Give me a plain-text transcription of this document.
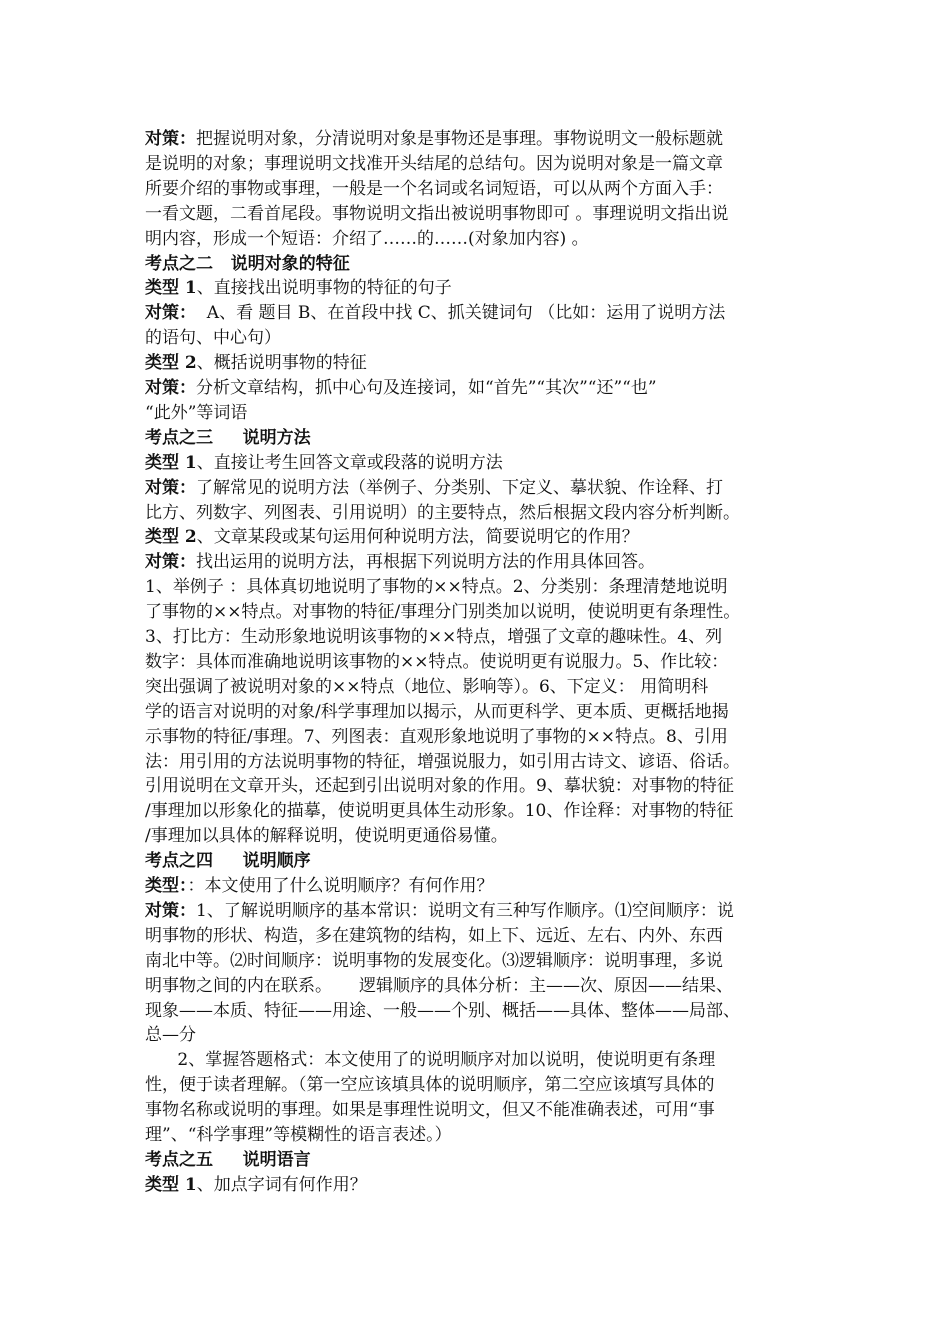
对策：把握说明对象，分清说明对象是事物还是事理。事物说明文一般标题就
是说明的对象；事理说明文找准开头结尾的总结句。因为说明对象是一篇文章
所要介绍的事物或事理，一般是一个名词或名词短语，可以从两个方面入手：
一看文题，二看首尾段。事物说明文指出被说明事物即可 。事理说明文指出说
明内容，形成一个短语：介绍了……的……(对象加内容) 。
考点之二   说明对象的特征
类型 1、直接找出说明事物的特征的句子
对策：  A、看 题目 B、在首段中找 C、抓关键词句 （比如：运用了说明方法
的语句、中心句）
类型 2、概括说明事物的特征
对策：分析文章结构，抓中心句及连接词，如“首先”“其次”“还”“也”
“此外”等词语
考点之三     说明方法
类型 1、直接让考生回答文章或段落的说明方法
对策：了解常见的说明方法（举例子、分类别、下定义、摹状貌、作诠释、打
比方、列数字、列图表、引用说明）的主要特点，然后根据文段内容分析判断。
类型 2、文章某段或某句运用何种说明方法，简要说明它的作用？
对策：找出运用的说明方法，再根据下列说明方法的作用具体回答。
1、举例子 ：具体真切地说明了事物的××特点。2、分类别：条理清楚地说明
了事物的××特点。对事物的特征/事理分门别类加以说明，使说明更有条理性。
3、打比方：生动形象地说明该事物的××特点，增强了文章的趣味性。4、列
数字：具体而准确地说明该事物的××特点。使说明更有说服力。5、作比较：
突出强调了被说明对象的××特点（地位、影响等）。6、下定义： 用简明科
学的语言对说明的对象/科学事理加以揭示，从而更科学、更本质、更概括地揭
示事物的特征/事理。7、列图表：直观形象地说明了事物的××特点。8、引用
法：用引用的方法说明事物的特征，增强说服力，如引用古诗文、谚语、俗话。
引用说明在文章开头，还起到引出说明对象的作用。9、摹状貌：对事物的特征
/事理加以形象化的描摹，使说明更具体生动形象。10、作诠释：对事物的特征
/事理加以具体的解释说明，使说明更通俗易懂。
考点之四     说明顺序
类型：：本文使用了什么说明顺序？有何作用？
对策：1、了解说明顺序的基本常识：说明文有三种写作顺序。⑴空间顺序：说
明事物的形状、构造，多在建筑物的结构，如上下、远近、左右、内外、东西
南北中等。⑵时间顺序：说明事物的发展变化。⑶逻辑顺序：说明事理，多说
明事物之间的内在联系。     逻辑顺序的具体分析：主——次、原因——结果、
现象——本质、特征——用途、一般——个别、概括——具体、整体——局部、
总—分
2、掌握答题格式：本文使用了的说明顺序对加以说明，使说明更有条理
性，便于读者理解。（第一空应该填具体的说明顺序，第二空应该填写具体的
事物名称或说明的事理。如果是事理性说明文，但又不能准确表述，可用“事
理”、“科学事理”等模糊性的语言表述。）
考点之五     说明语言
类型 1、加点字词有何作用？
